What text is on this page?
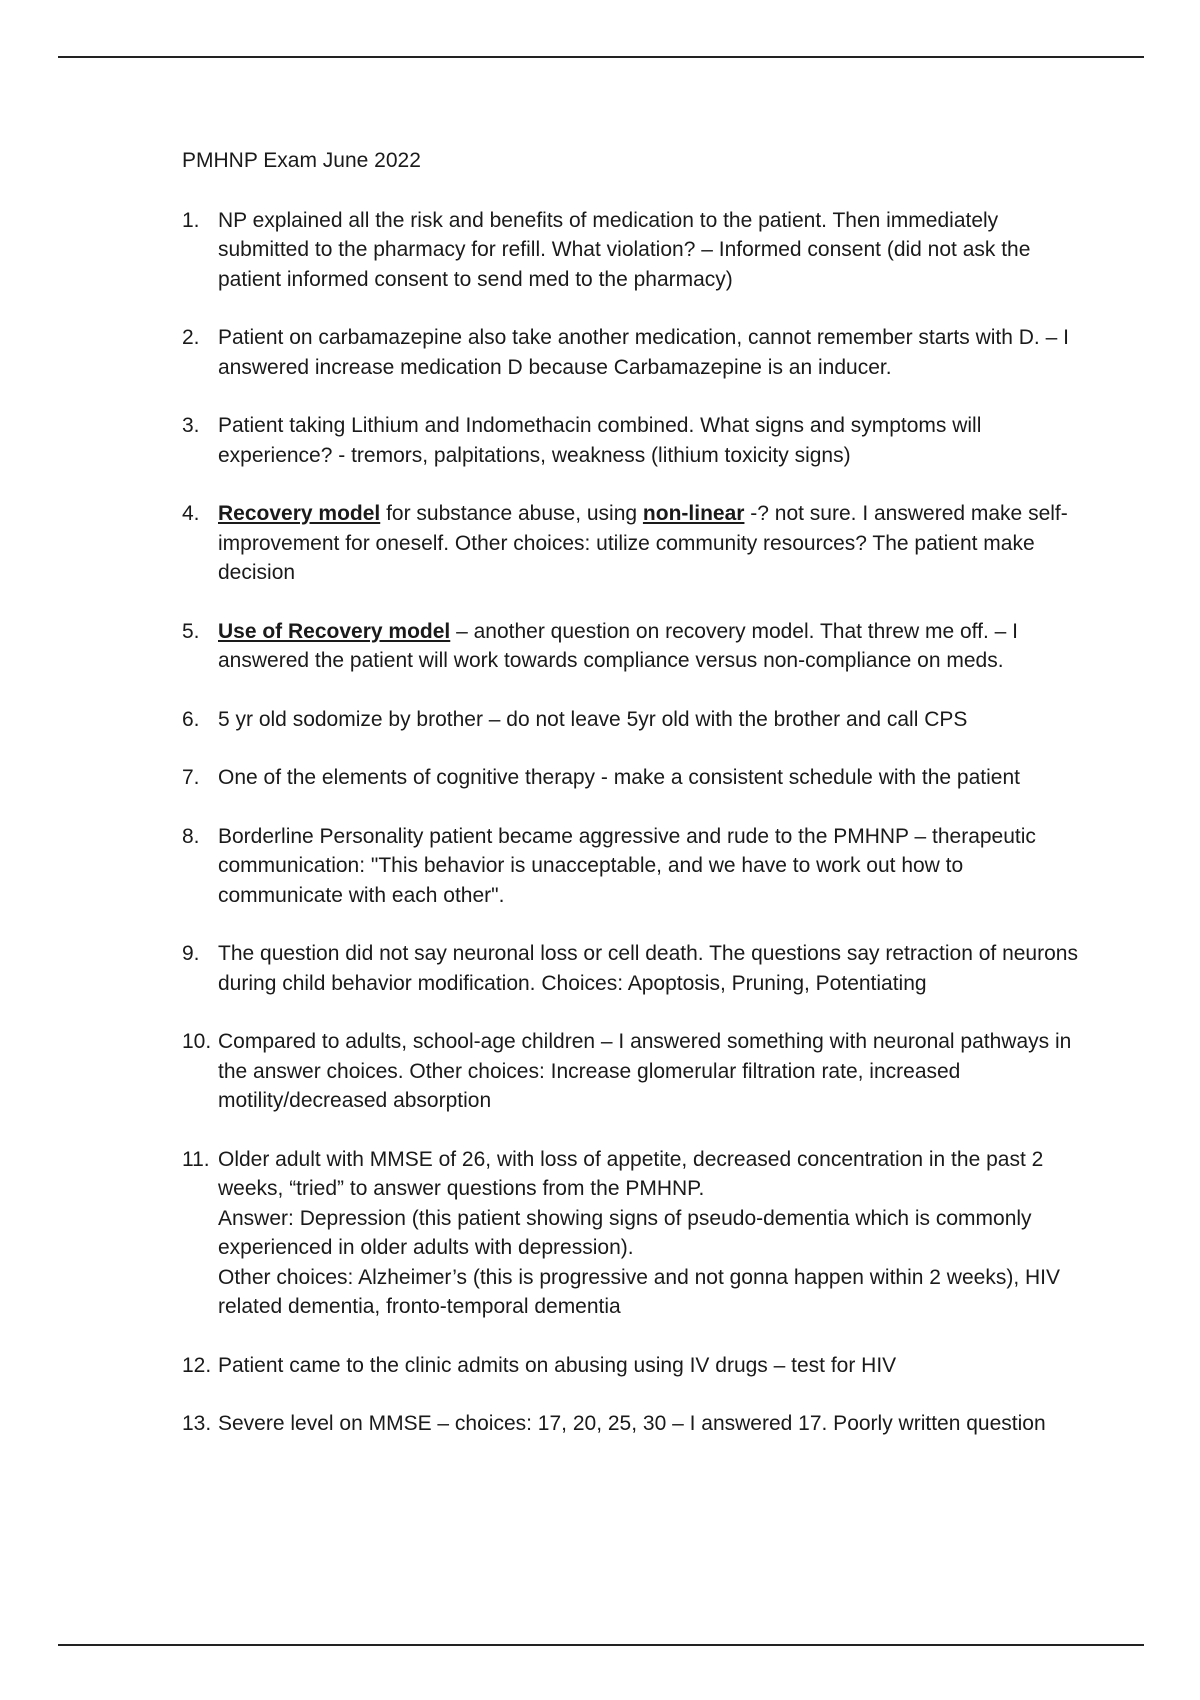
PMHNP Exam June 2022
1. NP explained all the risk and benefits of medication to the patient. Then immediately submitted to the pharmacy for refill. What violation? – Informed consent (did not ask the patient informed consent to send med to the pharmacy)
2. Patient on carbamazepine also take another medication, cannot remember starts with D. – I answered increase medication D because Carbamazepine is an inducer.
3. Patient taking Lithium and Indomethacin combined. What signs and symptoms will experience? - tremors, palpitations, weakness (lithium toxicity signs)
4. Recovery model for substance abuse, using non-linear -? not sure. I answered make self-improvement for oneself. Other choices: utilize community resources? The patient make decision
5. Use of Recovery model – another question on recovery model. That threw me off. – I answered the patient will work towards compliance versus non-compliance on meds.
6. 5 yr old sodomize by brother – do not leave 5yr old with the brother and call CPS
7. One of the elements of cognitive therapy - make a consistent schedule with the patient
8. Borderline Personality patient became aggressive and rude to the PMHNP – therapeutic communication: "This behavior is unacceptable, and we have to work out how to communicate with each other".
9. The question did not say neuronal loss or cell death. The questions say retraction of neurons during child behavior modification. Choices: Apoptosis, Pruning, Potentiating
10. Compared to adults, school-age children – I answered something with neuronal pathways in the answer choices. Other choices: Increase glomerular filtration rate, increased motility/decreased absorption
11. Older adult with MMSE of 26, with loss of appetite, decreased concentration in the past 2 weeks, “tried” to answer questions from the PMHNP.
Answer: Depression (this patient showing signs of pseudo-dementia which is commonly experienced in older adults with depression).
Other choices: Alzheimer’s (this is progressive and not gonna happen within 2 weeks), HIV related dementia, fronto-temporal dementia
12. Patient came to the clinic admits on abusing using IV drugs – test for HIV
13. Severe level on MMSE – choices: 17, 20, 25, 30 – I answered 17. Poorly written question
